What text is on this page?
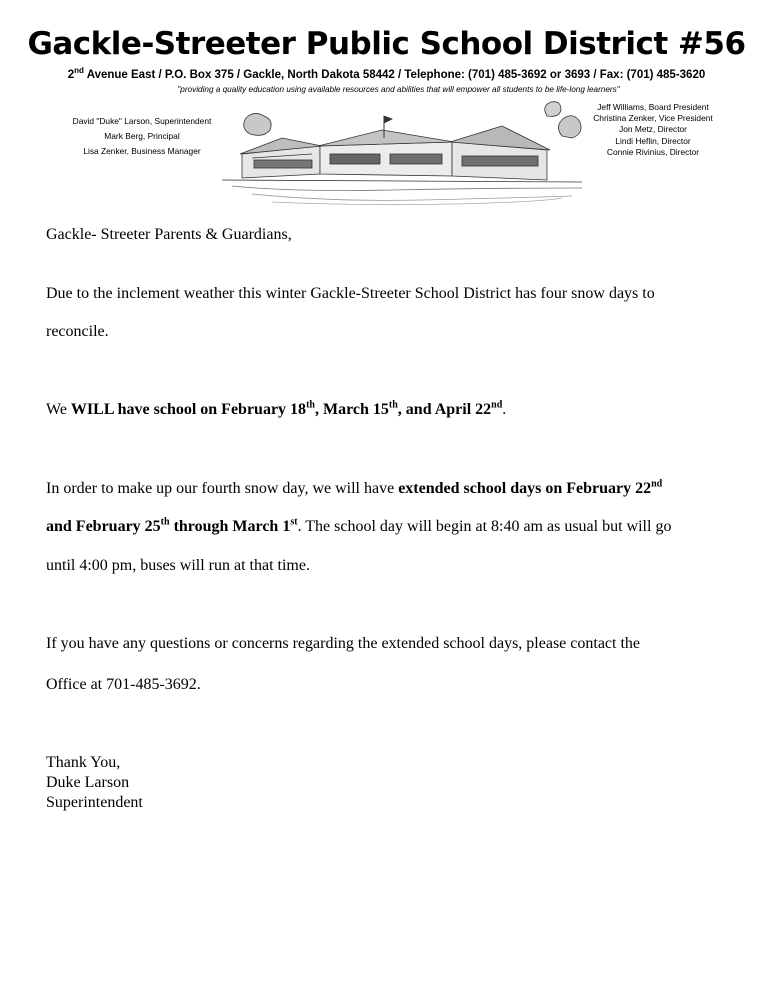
Gackle-Streeter Public School District #56
2nd Avenue East / P.O. Box 375 / Gackle, North Dakota 58442 / Telephone: (701) 485-3692 or 3693 / Fax: (701) 485-3620
"providing a quality education using available resources and abilities that will empower all students to be life-long learners"
David "Duke" Larson, Superintendent
Mark Berg, Principal
Lisa Zenker, Business Manager
Jeff Williams, Board President
Christina Zenker, Vice President
Jon Metz, Director
Lindi Heflin, Director
Connie Rivinius, Director
Gackle- Streeter Parents & Guardians,
Due to the inclement weather this winter Gackle-Streeter School District has four snow days to
reconcile.
We WILL have school on February 18th, March 15th, and April 22nd.
In order to make up our fourth snow day, we will have extended school days on February 22nd
and February 25th through March 1st. The school day will begin at 8:40 am as usual but will go
until 4:00 pm, buses will run at that time.
If you have any questions or concerns regarding the extended school days, please contact the
Office at 701-485-3692.
Thank You,
Duke Larson
Superintendent
